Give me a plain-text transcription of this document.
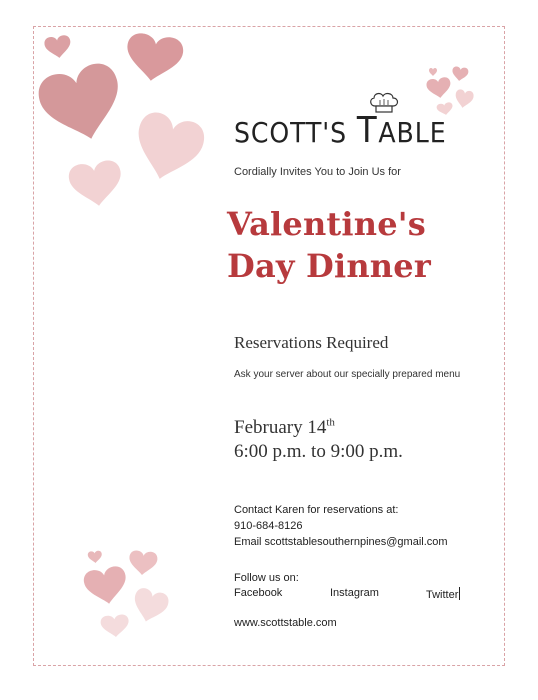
SCOTT'S TABLE
Cordially Invites You to Join Us for
Valentine's
Day Dinner
Reservations Required
Ask your server about our specially prepared menu
February 14th
6:00 p.m. to 9:00 p.m.
Contact Karen for reservations at:
910-684-8126
Email scottstablesouthernpines@gmail.com
Follow us on:
Facebook	Instagram	Twitter
www.scottstable.com
